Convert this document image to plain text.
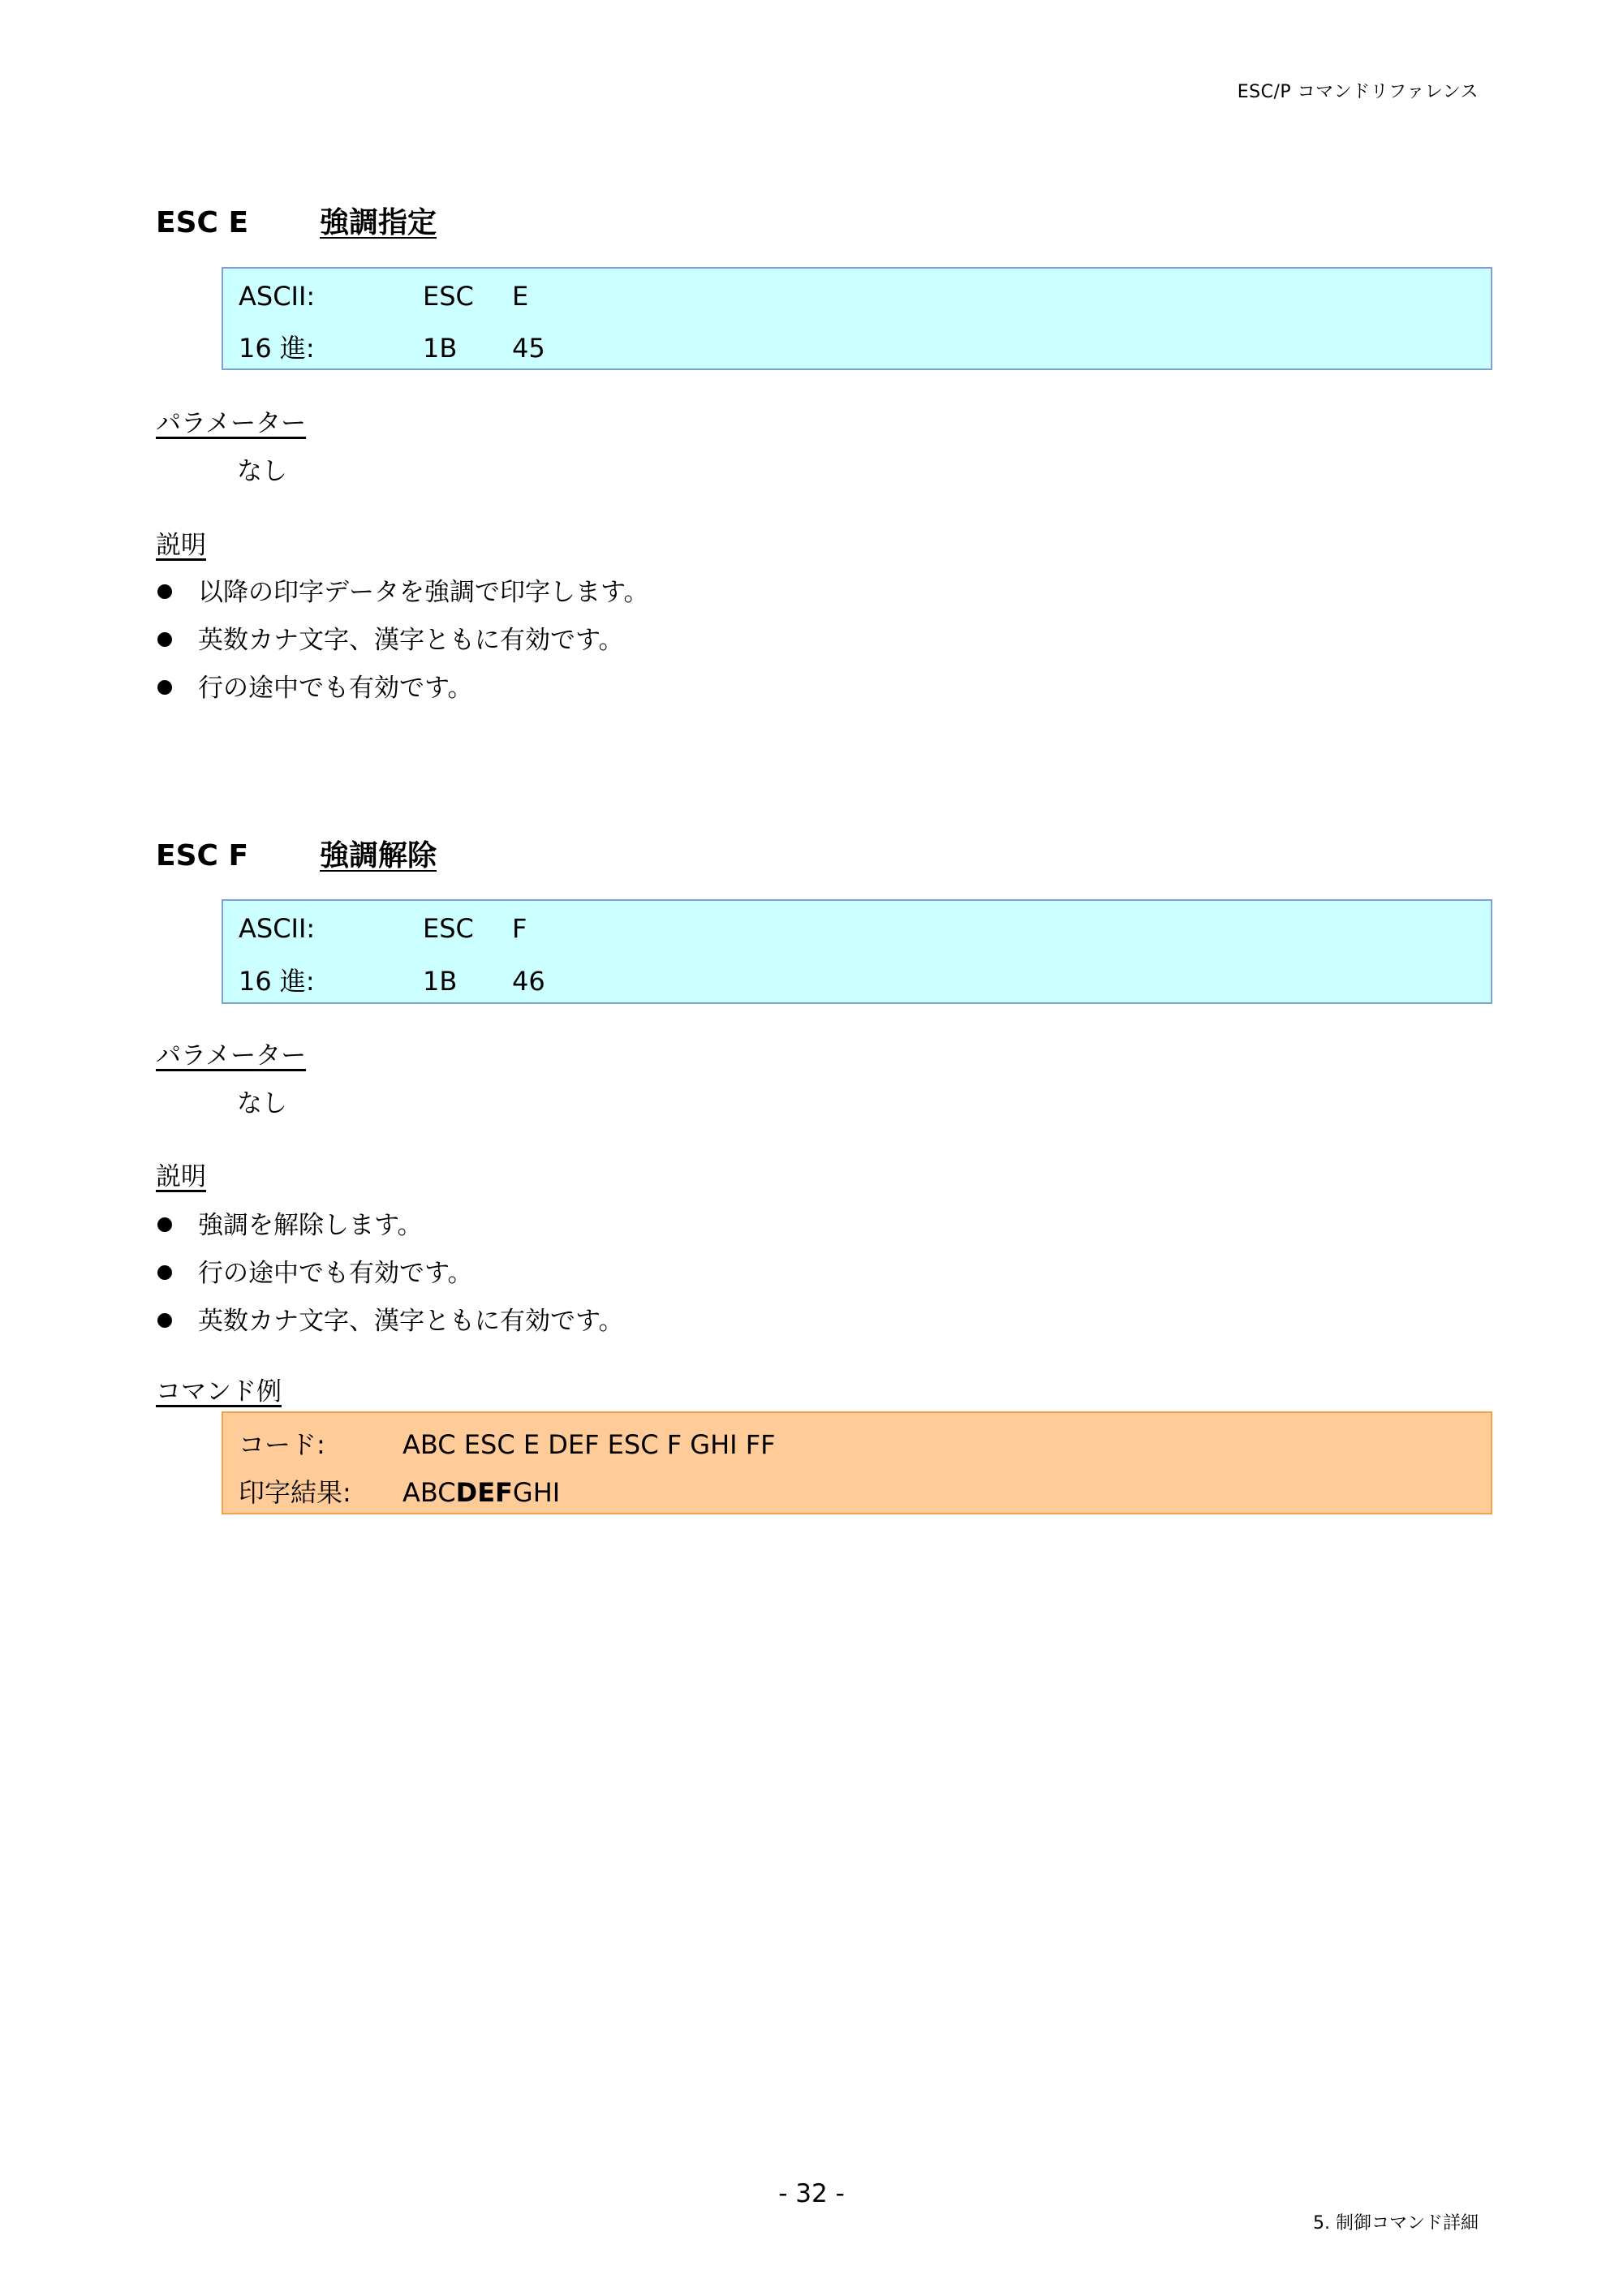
ESC/P コマンドリファレンス
ESC E 強調指定
ASCII:	ESC E
16 進:	1B 45
パラメーター
なし
説明
以降の印字データを強調で印字します。
英数カナ文字、漢字ともに有効です。
行の途中でも有効です。
ESC F 強調解除
ASCII:	ESC F
16 進:	1B 46
パラメーター
なし
説明
強調を解除します。
行の途中でも有効です。
英数カナ文字、漢字ともに有効です。
コマンド例
コード:	ABC ESC E DEF ESC F GHI FF
印字結果: ABCDEFGHI
- 32 -
5. 制御コマンド詳細
